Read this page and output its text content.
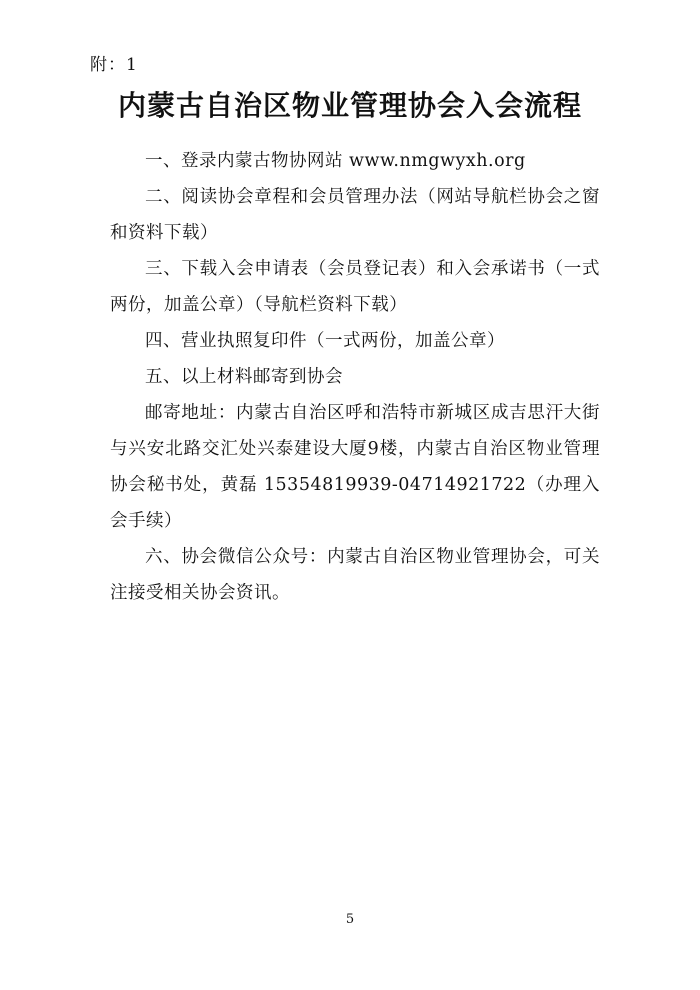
附：1
内蒙古自治区物业管理协会入会流程

一、登录内蒙古物协网站 www.nmgwyxh.org

二、阅读协会章程和会员管理办法（网站导航栏协会之窗和资料下载）

三、下载入会申请表（会员登记表）和入会承诺书（一式两份，加盖公章）（导航栏资料下载）

四、营业执照复印件（一式两份，加盖公章）

五、以上材料邮寄到协会

邮寄地址：内蒙古自治区呼和浩特市新城区成吉思汗大街与兴安北路交汇处兴泰建设大厦9楼，内蒙古自治区物业管理协会秘书处，黄磊 15354819939-04714921722（办理入会手续）

六、协会微信公众号：内蒙古自治区物业管理协会，可关注接受相关协会资讯。

5
